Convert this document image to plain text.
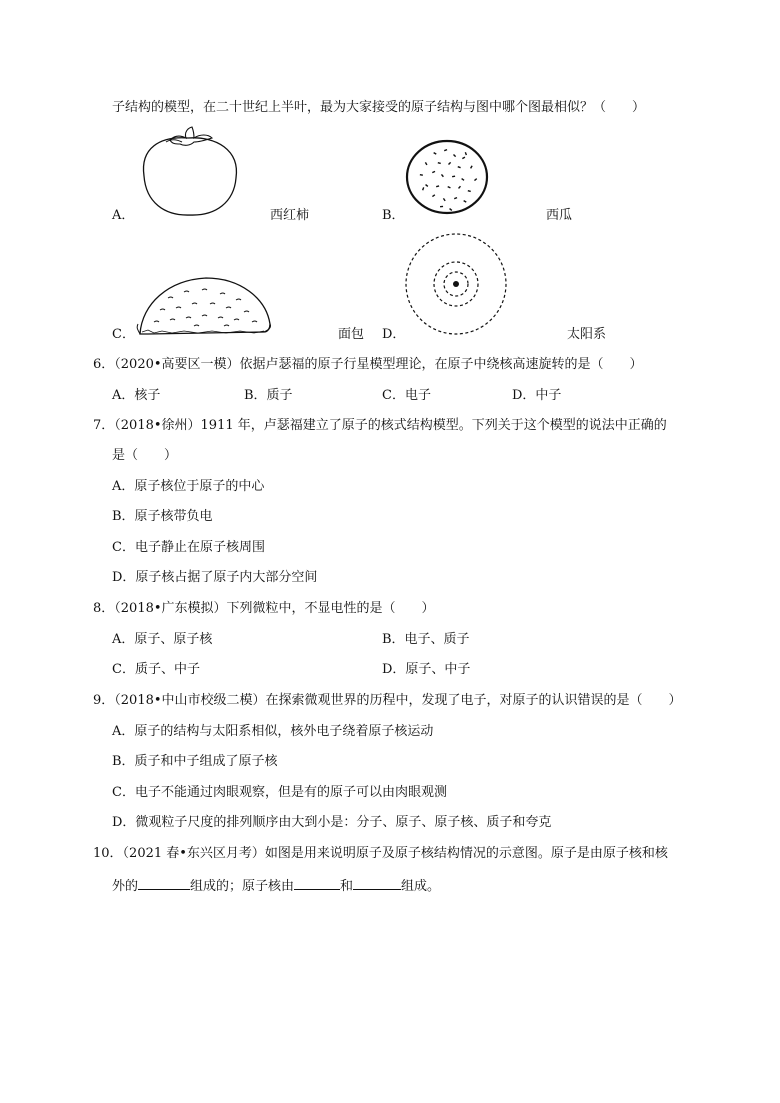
子结构的模型，在二十世纪上半叶，最为大家接受的原子结构与图中哪个图最相似？（　　）
A．	西红柿	B．	西瓜
C．	面包 D．	太阳系
6．（2020•高要区一模）依据卢瑟福的原子行星模型理论，在原子中绕核高速旋转的是（　　）
A．核子	B．质子	C．电子	D．中子
7．（2018•徐州）1911 年，卢瑟福建立了原子的核式结构模型。下列关于这个模型的说法中正确的
是（　　）
A．原子核位于原子的中心
B．原子核带负电
C．电子静止在原子核周围
D．原子核占据了原子内大部分空间
8．（2018•广东模拟）下列微粒中，不显电性的是（　　）
A．原子、原子核	B．电子、质子
C．质子、中子	D．原子、中子
9．（2018•中山市校级二模）在探索微观世界的历程中，发现了电子，对原子的认识错误的是（　　）
A．原子的结构与太阳系相似，核外电子绕着原子核运动
B．质子和中子组成了原子核
C．电子不能通过肉眼观察，但是有的原子可以由肉眼观测
D．微观粒子尺度的排列顺序由大到小是：分子、原子、原子核、质子和夸克
10．（2021 春•东兴区月考）如图是用来说明原子及原子核结构情况的示意图。原子是由原子核和核
外的	组成的；原子核由	和	组成。
